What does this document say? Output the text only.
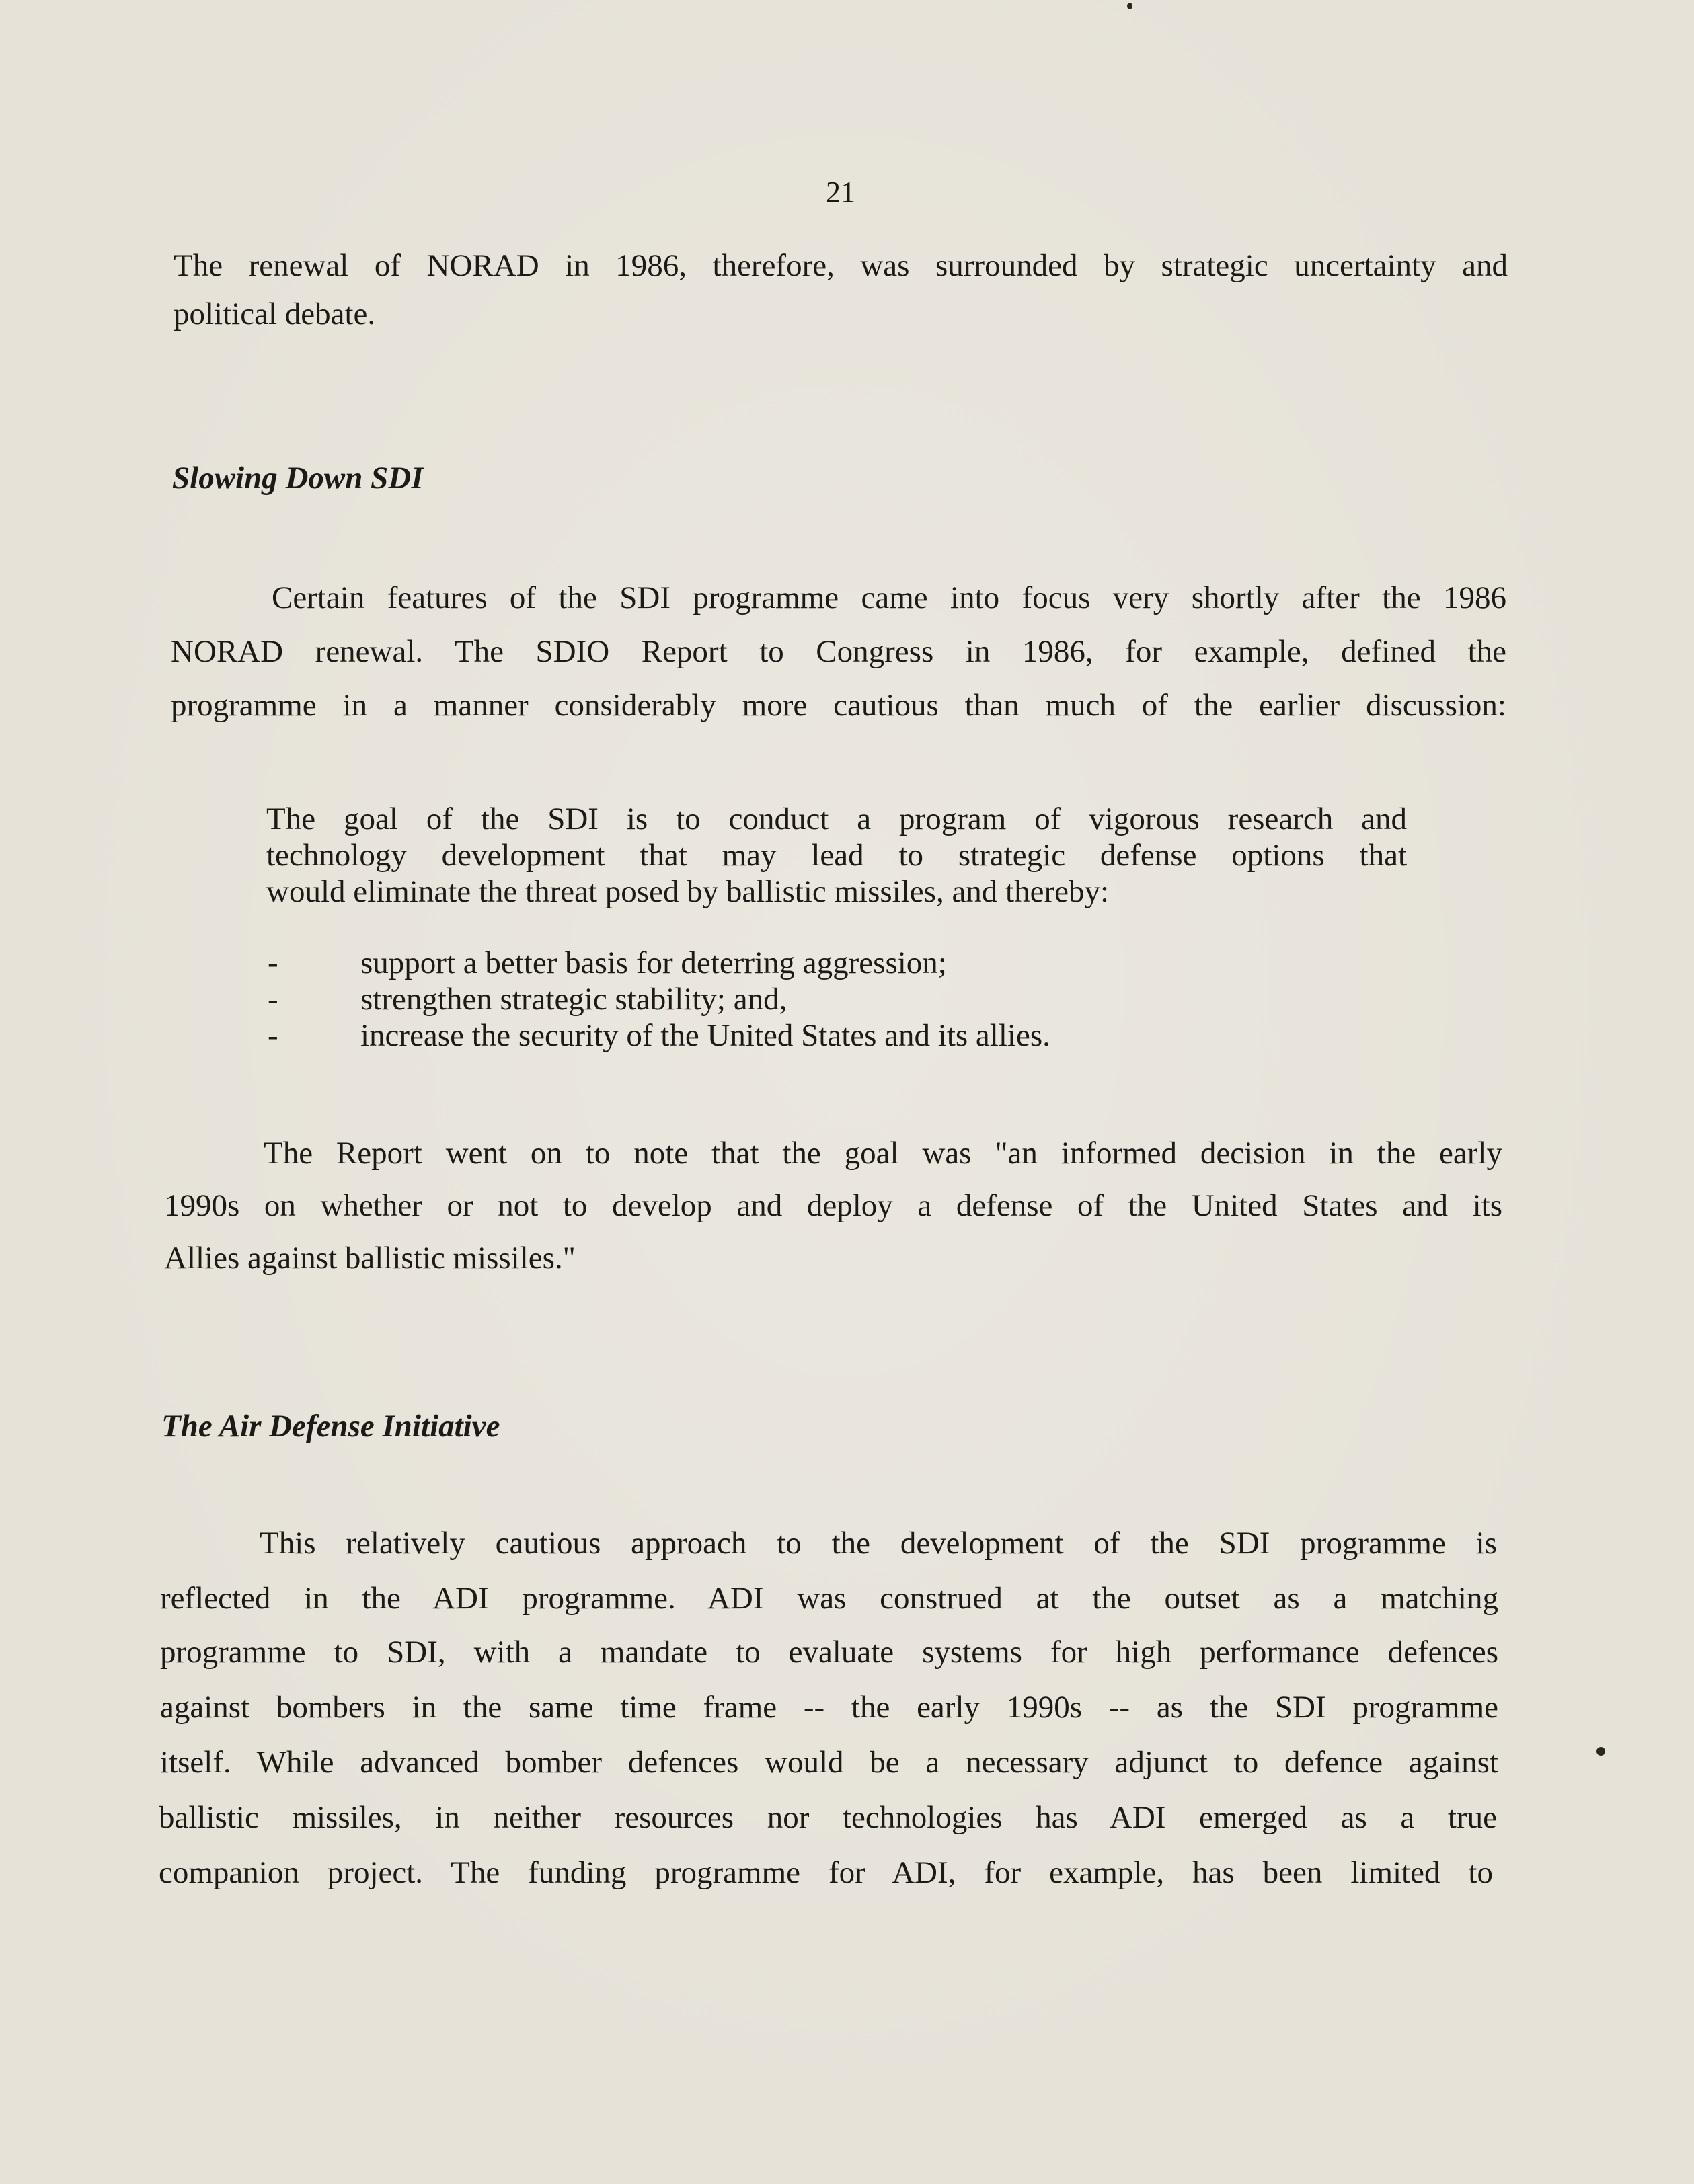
21
The renewal of NORAD in 1986, therefore, was surrounded by strategic uncertainty and
political debate.
Slowing Down SDI
Certain features of the SDI programme came into focus very shortly after the 1986
NORAD renewal. The SDIO Report to Congress in 1986, for example, defined the
programme in a manner considerably more cautious than much of the earlier discussion:
The goal of the SDI is to conduct a program of vigorous research and
technology development that may lead to strategic defense options that
would eliminate the threat posed by ballistic missiles, and thereby:
-	support a better basis for deterring aggression;
-	strengthen strategic stability; and,
-	increase the security of the United States and its allies.
The Report went on to note that the goal was "an informed decision in the early
1990s on whether or not to develop and deploy a defense of the United States and its
Allies against ballistic missiles."
The Air Defense Initiative
This relatively cautious approach to the development of the SDI programme is
reflected in the ADI programme. ADI was construed at the outset as a matching
programme to SDI, with a mandate to evaluate systems for high performance defences
against bombers in the same time frame -- the early 1990s -- as the SDI programme
itself. While advanced bomber defences would be a necessary adjunct to defence against
ballistic missiles, in neither resources nor technologies has ADI emerged as a true
companion project. The funding programme for ADI, for example, has been limited to
